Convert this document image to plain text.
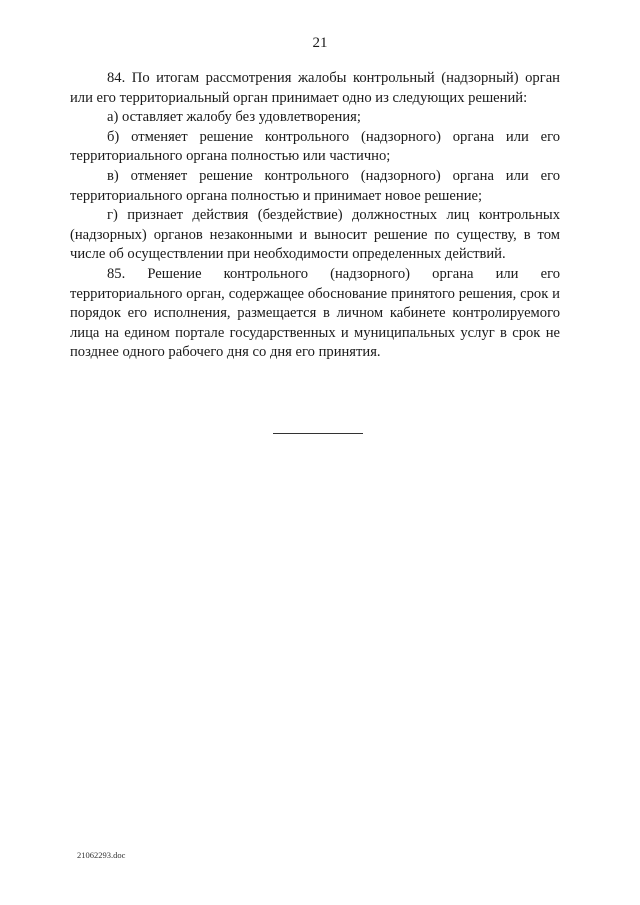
21

84. По итогам рассмотрения жалобы контрольный (надзорный) орган или его территориальный орган принимает одно из следующих решений:

а) оставляет жалобу без удовлетворения;

б) отменяет решение контрольного (надзорного) органа или его территориального органа полностью или частично;

в) отменяет решение контрольного (надзорного) органа или его территориального органа полностью и принимает новое решение;

г) признает действия (бездействие) должностных лиц контрольных (надзорных) органов незаконными и выносит решение по существу, в том числе об осуществлении при необходимости определенных действий.

85. Решение контрольного (надзорного) органа или его территориального орган, содержащее обоснование принятого решения, срок и порядок его исполнения, размещается в личном кабинете контролируемого лица на едином портале государственных и муниципальных услуг в срок не позднее одного рабочего дня со дня его принятия.

21062293.doc
